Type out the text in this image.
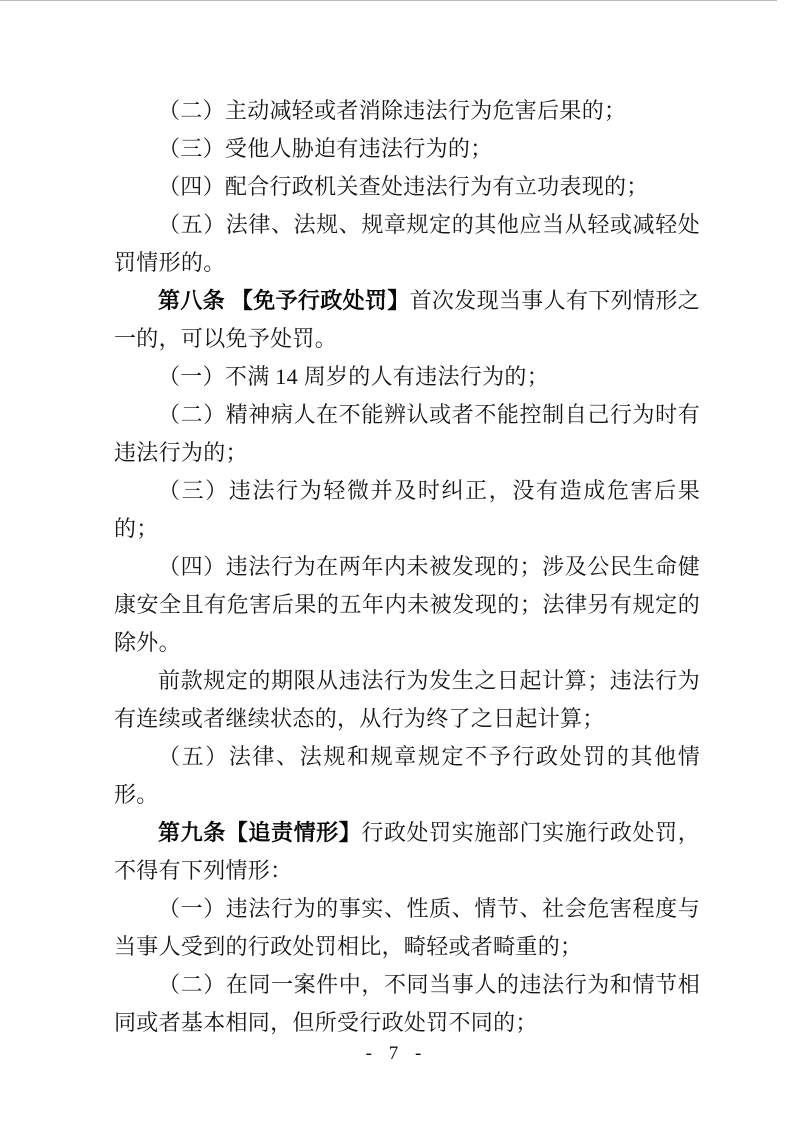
（二）主动减轻或者消除违法行为危害后果的；

（三）受他人胁迫有违法行为的；

（四）配合行政机关查处违法行为有立功表现的；

（五）法律、法规、规章规定的其他应当从轻或减轻处罚情形的。

第八条 【免予行政处罚】首次发现当事人有下列情形之一的，可以免予处罚。

（一）不满 14 周岁的人有违法行为的；

（二）精神病人在不能辨认或者不能控制自己行为时有违法行为的；

（三）违法行为轻微并及时纠正，没有造成危害后果的；

（四）违法行为在两年内未被发现的；涉及公民生命健康安全且有危害后果的五年内未被发现的；法律另有规定的除外。

前款规定的期限从违法行为发生之日起计算；违法行为有连续或者继续状态的，从行为终了之日起计算；

（五）法律、法规和规章规定不予行政处罚的其他情形。

第九条【追责情形】行政处罚实施部门实施行政处罚，不得有下列情形：

（一）违法行为的事实、性质、情节、社会危害程度与当事人受到的行政处罚相比，畸轻或者畸重的；

（二）在同一案件中，不同当事人的违法行为和情节相同或者基本相同，但所受行政处罚不同的；

- 7 -
